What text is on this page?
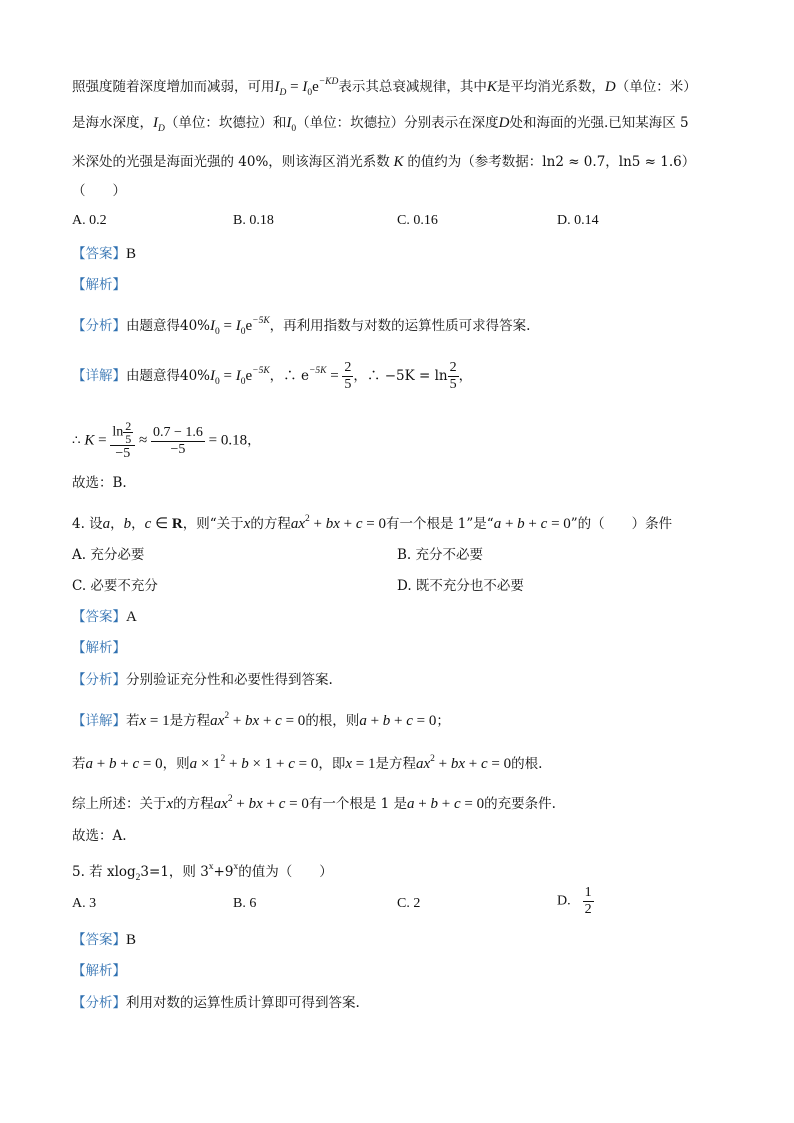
照强度随着深度增加而减弱，可用$I_D = I_0e^{-KD}$表示其总衰减规律，其中K是平均消光系数，D（单位：米）
是海水深度，$I_D$（单位：坎德拉）和$I_0$（单位：坎德拉）分别表示在深度D处和海面的光强.已知某海区 5
米深处的光强是海面光强的 40%，则该海区消光系数 K 的值约为（参考数据：ln2 ≈ 0.7，ln5 ≈ 1.6）
（　　）
A. 0.2	B. 0.18	C. 0.16	D. 0.14
【答案】B
【解析】
【分析】由题意得$40\%I_0 = I_0e^{-5K}$，再利用指数与对数的运算性质可求得答案.
【详解】由题意得$40\%I_0 = I_0e^{-5K}$，∴ $e^{-5K} = \frac{2}{5}$ ，∴ $-5K = \ln \frac{2}{5}$ ，
∴ $K = \frac{\ln \frac{2}{5}}{-5} \approx \frac{0.7 - 1.6}{-5} = 0.18$，
故选：B.
4. 设a，b，c ∈ R，则“关于x的方程$ax^2$ + bx + c = 0有一个根是 1”是“a + b + c = 0”的（　　）条件
A. 充分必要	B. 充分不必要
C. 必要不充分	D. 既不充分也不必要
【答案】A
【解析】
【分析】分别验证充分性和必要性得到答案.
【详解】若x = 1是方程$ax^2$ + bx + c = 0的根，则a + b + c = 0；
若a + b + c = 0，则$a \times 1^2 + b \times 1 + c = 0$，即x = 1是方程$ax^2$ + bx + c = 0的根.
综上所述：关于x的方程$ax^2$ + bx + c = 0有一个根是 1 是a + b + c = 0的充要条件.
故选：A.
5. 若 xlog$_2$3=1，则 $3^x+9^x$的值为（　　）
A. 3	B. 6	C. 2	D. $\frac{1}{2}$
【答案】B
【解析】
【分析】利用对数的运算性质计算即可得到答案.
